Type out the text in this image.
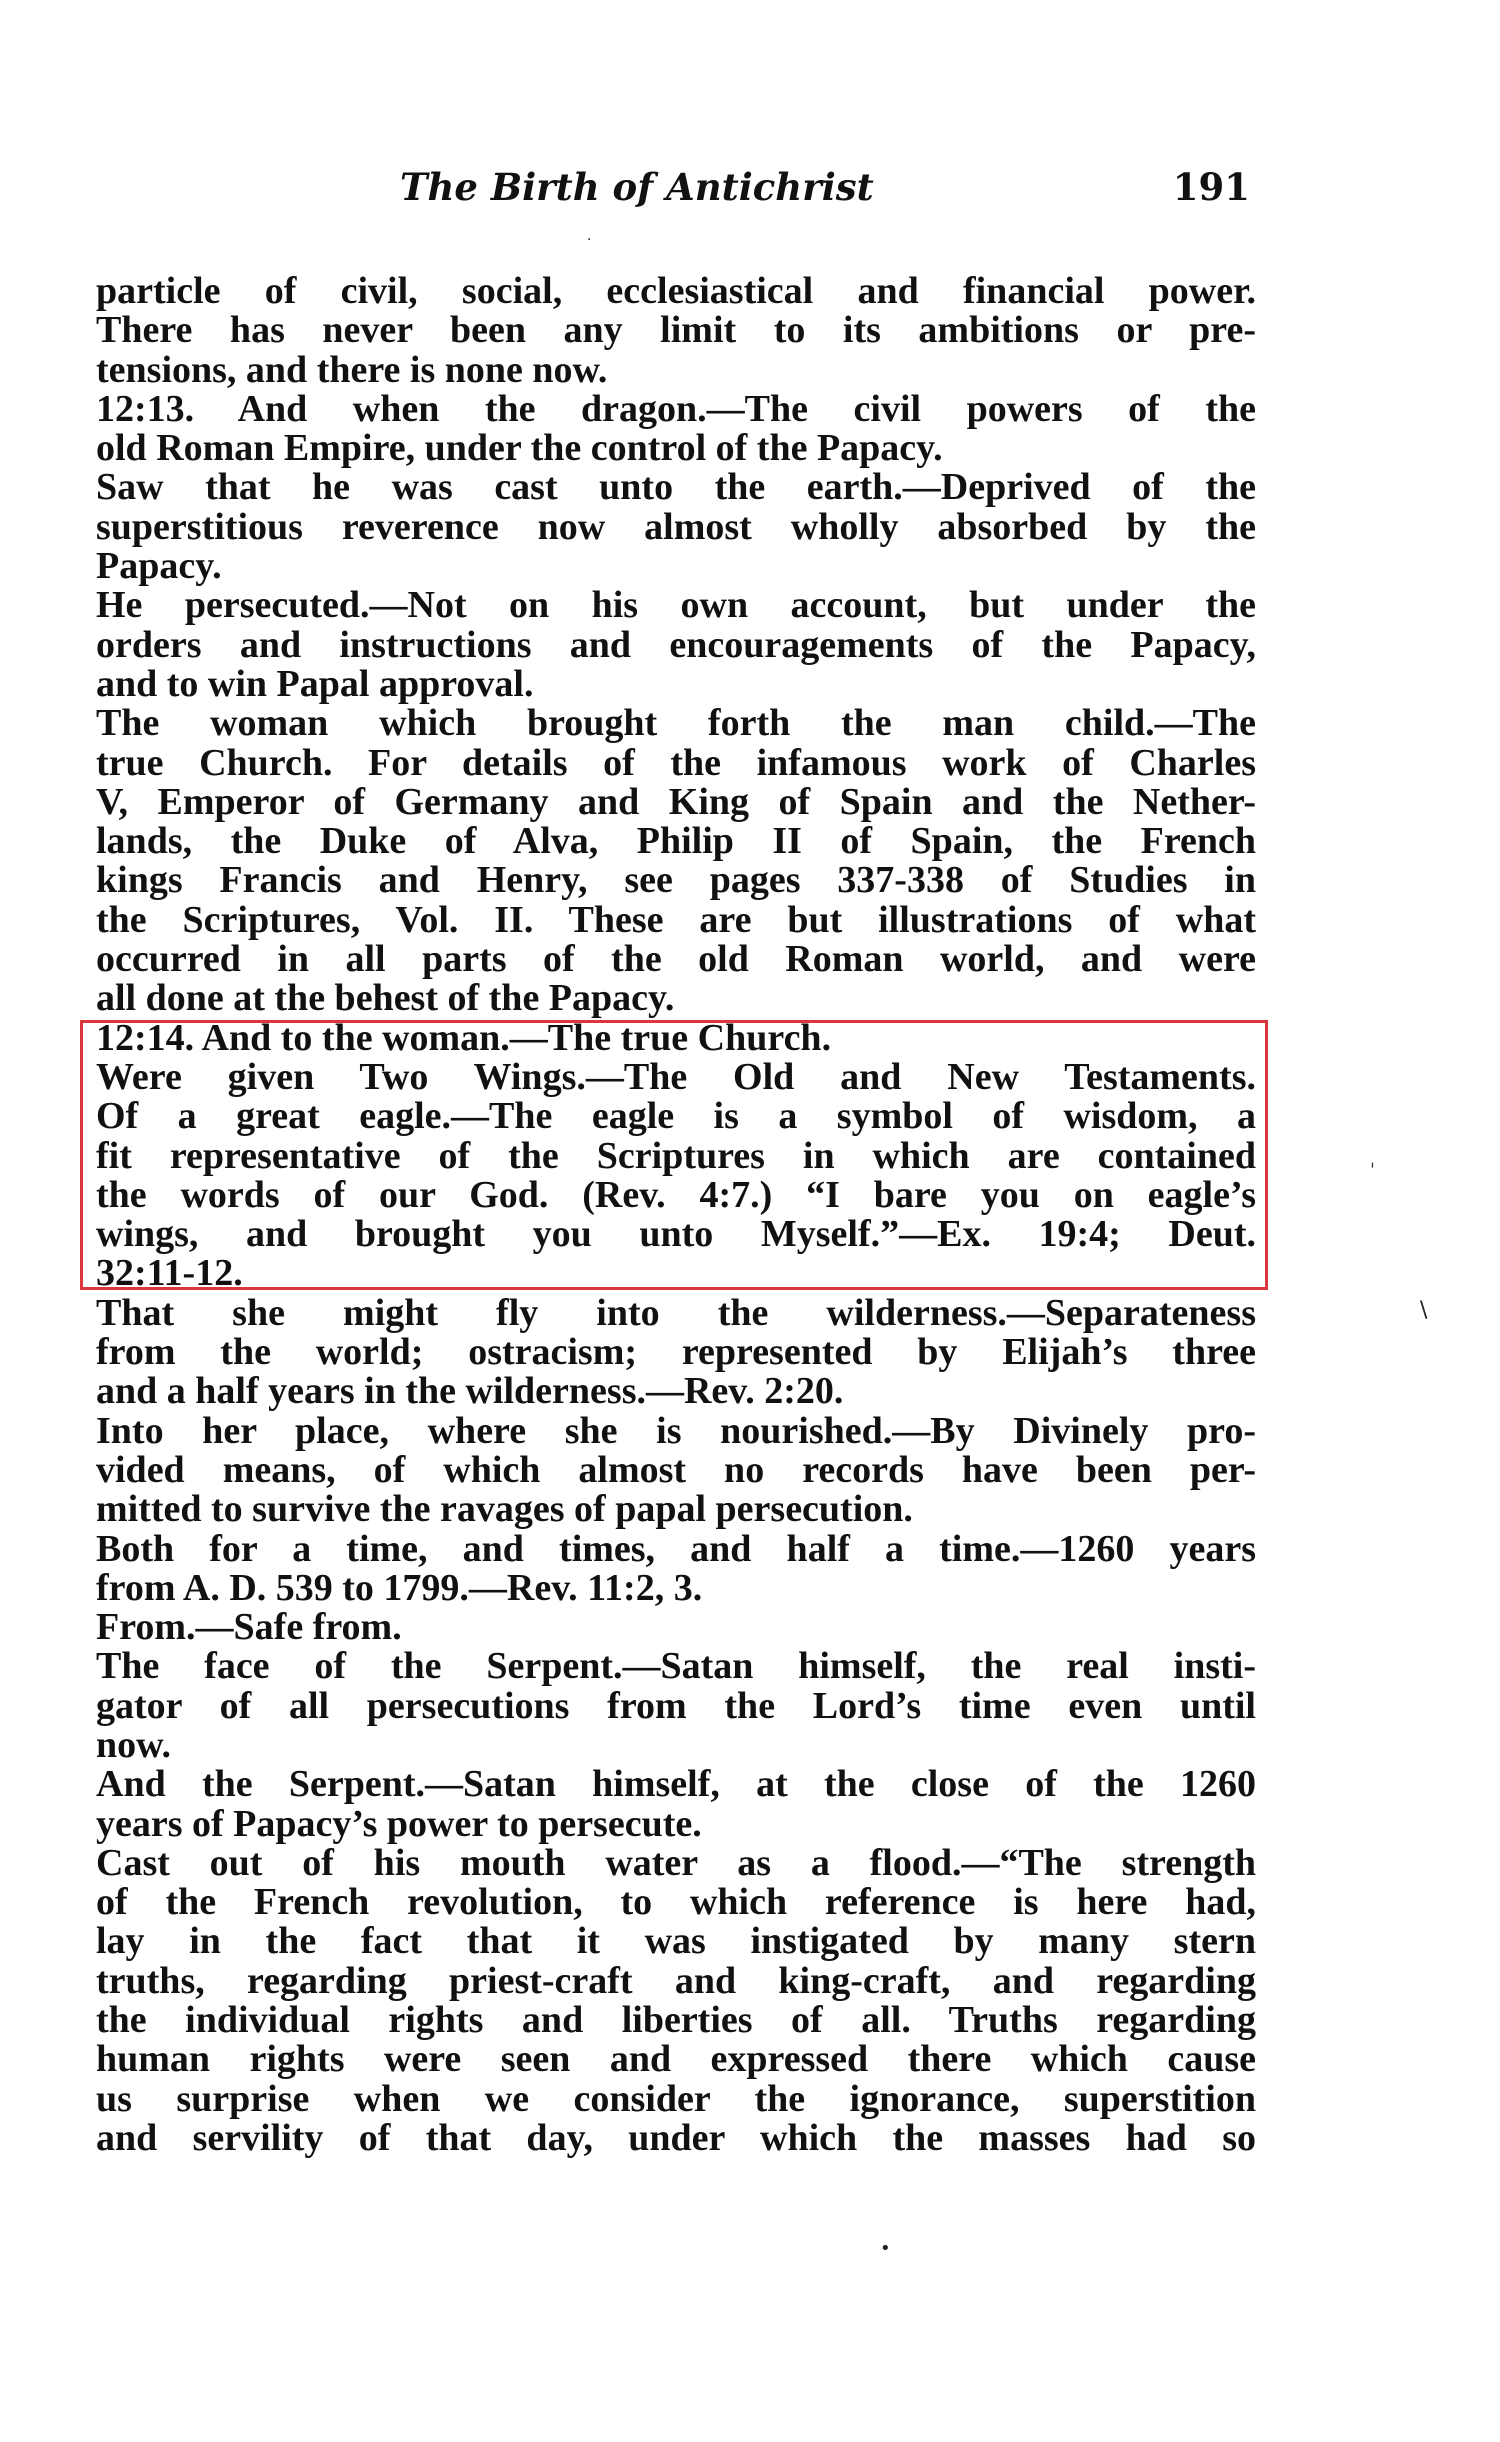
The Birth of Antichrist	191
particle of civil, social, ecclesiastical and financial power.
There has never been any limit to its ambitions or pre-
tensions, and there is none now.
12:13. And when the dragon.—The civil powers of the
old Roman Empire, under the control of the Papacy.
Saw that he was cast unto the earth.—Deprived of the
superstitious reverence now almost wholly absorbed by the
Papacy.
He persecuted.—Not on his own account, but under the
orders and instructions and encouragements of the Papacy,
and to win Papal approval.
The woman which brought forth the man child.—The
true Church. For details of the infamous work of Charles
V, Emperor of Germany and King of Spain and the Nether-
lands, the Duke of Alva, Philip II of Spain, the French
kings Francis and Henry, see pages 337-338 of Studies in
the Scriptures, Vol. II. These are but illustrations of what
occurred in all parts of the old Roman world, and were
all done at the behest of the Papacy.
12:14. And to the woman.—The true Church.
Were given Two Wings.—The Old and New Testaments.
Of a great eagle.—The eagle is a symbol of wisdom, a
fit representative of the Scriptures in which are contained
the words of our God. (Rev. 4:7.) “I bare you on eagle’s
wings, and brought you unto Myself.”—Ex. 19:4; Deut.
32:11-12.
That she might fly into the wilderness.—Separateness
from the world; ostracism; represented by Elijah’s three
and a half years in the wilderness.—Rev. 2:20.
Into her place, where she is nourished.—By Divinely pro-
vided means, of which almost no records have been per-
mitted to survive the ravages of papal persecution.
Both for a time, and times, and half a time.—1260 years
from A. D. 539 to 1799.—Rev. 11:2, 3.
From.—Safe from.
The face of the Serpent.—Satan himself, the real insti-
gator of all persecutions from the Lord’s time even until
now.
And the Serpent.—Satan himself, at the close of the 1260
years of Papacy’s power to persecute.
Cast out of his mouth water as a flood.—“The strength
of the French revolution, to which reference is here had,
lay in the fact that it was instigated by many stern
truths, regarding priest-craft and king-craft, and regarding
the individual rights and liberties of all. Truths regarding
human rights were seen and expressed there which cause
us surprise when we consider the ignorance, superstition
and servility of that day, under which the masses had so
·
ˈ
\
•
